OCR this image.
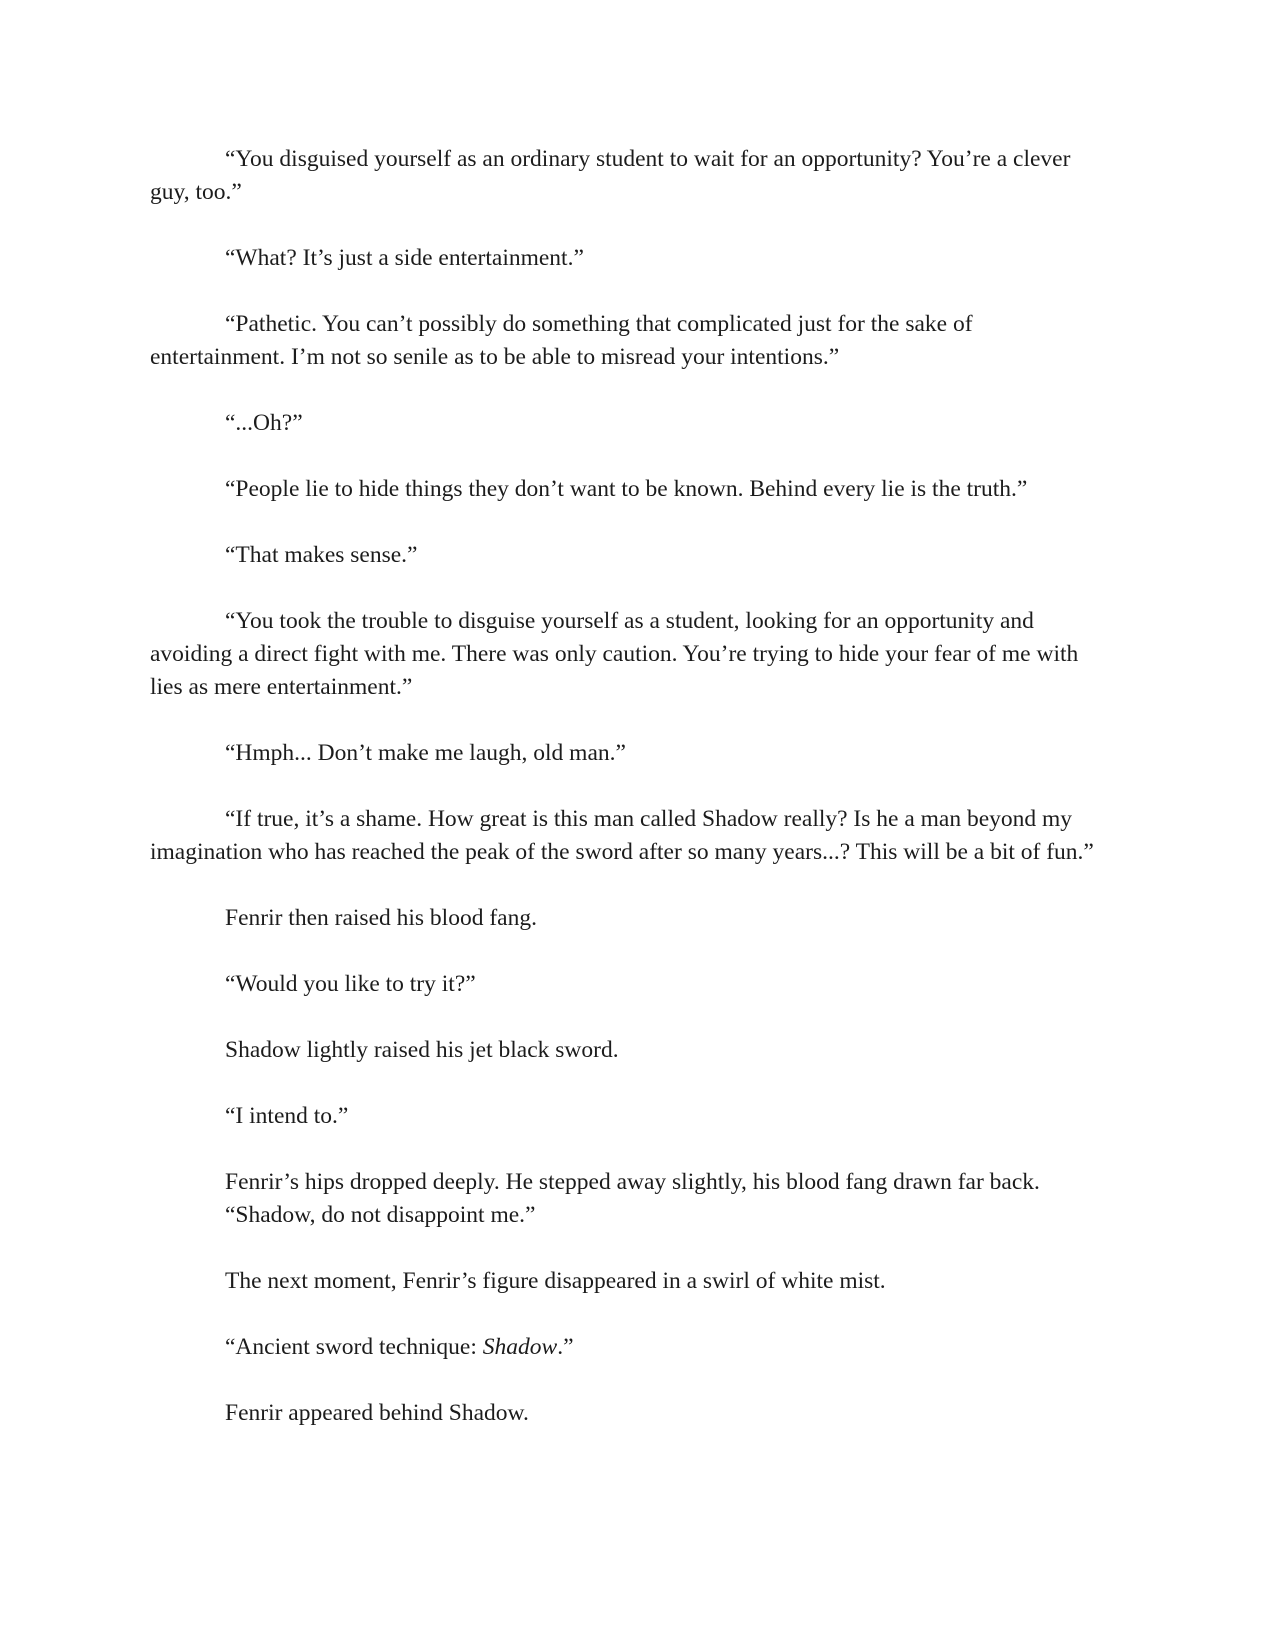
“You disguised yourself as an ordinary student to wait for an opportunity? You’re a clever guy, too.”

“What? It’s just a side entertainment.”

“Pathetic. You can’t possibly do something that complicated just for the sake of entertainment. I’m not so senile as to be able to misread your intentions.”

“...Oh?”

“People lie to hide things they don’t want to be known. Behind every lie is the truth.”

“That makes sense.”

“You took the trouble to disguise yourself as a student, looking for an opportunity and avoiding a direct fight with me. There was only caution. You’re trying to hide your fear of me with lies as mere entertainment.”

“Hmph... Don’t make me laugh, old man.”

“If true, it’s a shame. How great is this man called Shadow really? Is he a man beyond my imagination who has reached the peak of the sword after so many years...? This will be a bit of fun.”

Fenrir then raised his blood fang.

“Would you like to try it?”

Shadow lightly raised his jet black sword.

“I intend to.”

Fenrir’s hips dropped deeply. He stepped away slightly, his blood fang drawn far back.

“Shadow, do not disappoint me.”

The next moment, Fenrir’s figure disappeared in a swirl of white mist.

“Ancient sword technique: Shadow.”

Fenrir appeared behind Shadow.
